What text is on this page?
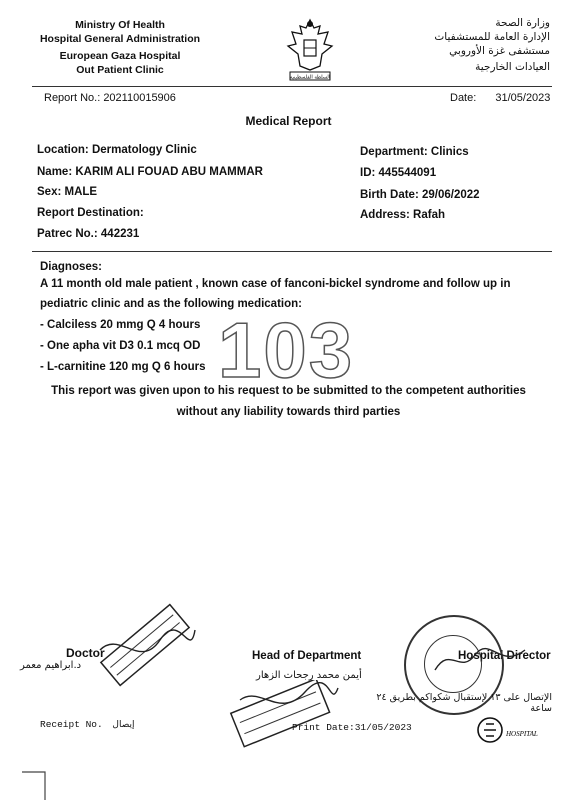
Ministry Of Health
Hospital General Administration
European Gaza Hospital
Out Patient Clinic
السلطة الفلسطينية
وزارة الصحة
الإدارة العامة للمستشفيات
مستشفى غزة الأوروبي
العيادات الخارجية
Report No.: 202110015906	Date: 31/05/2023
Medical Report
Location: Dermatology Clinic	Department: Clinics
Name: KARIM ALI FOUAD ABU MAMMAR	ID: 445544091
Sex: MALE	Birth Date: 29/06/2022
Report Destination:	Address: Rafah
Patrec No.: 442231
Diagnoses:
A 11 month old male patient , known case of fanconi-bickel syndrome and follow up in
pediatric clinic and as the following medication:
103
- Calciless 20 mmg Q 4 hours
- One apha vit D3 0.1 mcq OD
- L-carnitine 120 mg Q 6 hours
This report was given upon to his request to be submitted to the competent authorities
without any liability towards third parties
Doctor
د.ابراهيم معمر
Head of Department
أيمن محمد رجحات الزهار
Hospital Director
الإتصال على ١٣ لإستقبال شكواكم بطريق ٢٤ ساعة
Receipt No. إيصال	Print Date:31/05/2023
HOSPITAL
